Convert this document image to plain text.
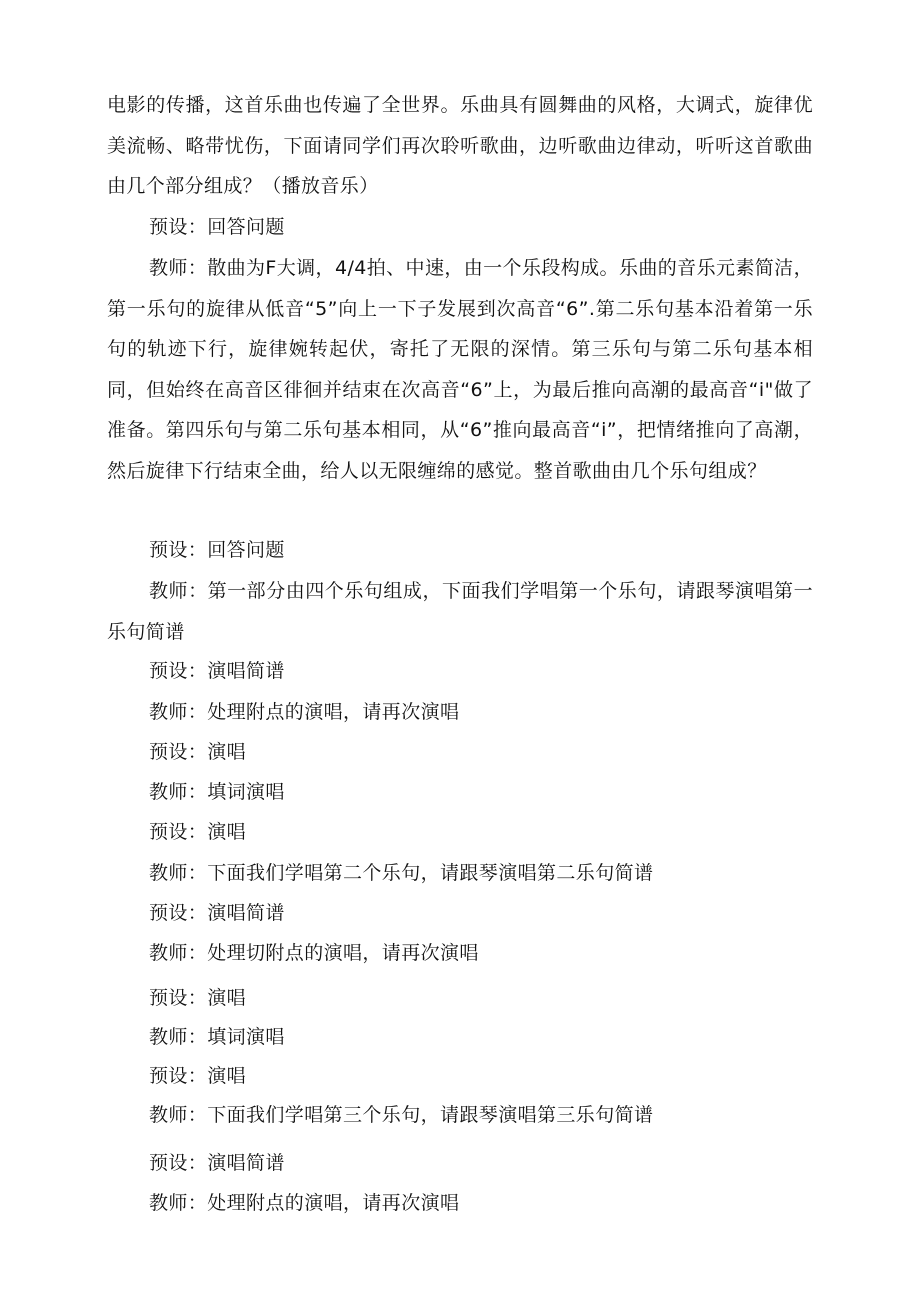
电影的传播，这首乐曲也传遍了全世界。乐曲具有圆舞曲的风格，大调式，旋律优美流畅、略带忧伤，下面请同学们再次聆听歌曲，边听歌曲边律动，听听这首歌曲由几个部分组成？（播放音乐）

预设：回答问题

教师：散曲为F大调，4/4拍、中速，由一个乐段构成。乐曲的音乐元素简洁，第一乐句的旋律从低音“5”向上一下子发展到次高音“6”.第二乐句基本沿着第一乐句的轨迹下行，旋律婉转起伏，寄托了无限的深情。第三乐句与第二乐句基本相同，但始终在高音区徘徊并结束在次高音“6”上，为最后推向高潮的最高音“i"做了准备。第四乐句与第二乐句基本相同，从“6”推向最高音“i”，把情绪推向了高潮，然后旋律下行结束全曲，给人以无限缠绵的感觉。整首歌曲由几个乐句组成？

预设：回答问题

教师：第一部分由四个乐句组成，下面我们学唱第一个乐句，请跟琴演唱第一乐句简谱

预设：演唱简谱

教师：处理附点的演唱，请再次演唱

预设：演唱

教师：填词演唱

预设：演唱

教师：下面我们学唱第二个乐句，请跟琴演唱第二乐句简谱

预设：演唱简谱

教师：处理切附点的演唱，请再次演唱

预设：演唱

教师：填词演唱

预设：演唱

教师：下面我们学唱第三个乐句，请跟琴演唱第三乐句简谱

预设：演唱简谱

教师：处理附点的演唱，请再次演唱
